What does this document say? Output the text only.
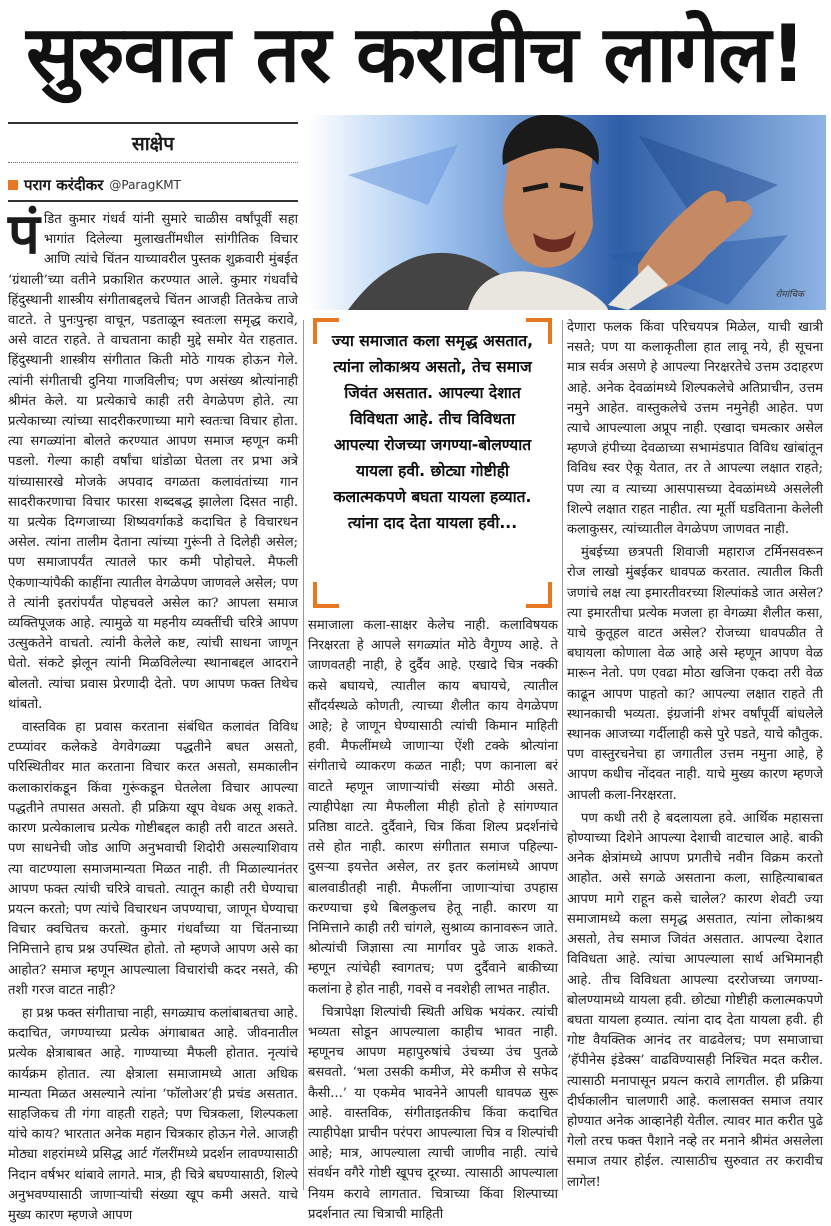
सुरुवात तर करावीच लागेल!
साक्षेप
पराग करंदीकर @ParagKMT
रोमांचिक

पंडित कुमार गंधर्व यांनी सुमारे चाळीस वर्षांपूर्वी सहा भागांत दिलेल्या मुलाखतींमधील सांगीतिक विचार आणि त्यांचे चिंतन याच्यावरील पुस्तक शुक्रवारी मुंबईत ‘ग्रंथाली’च्या वतीने प्रकाशित करण्यात आले. कुमार गंधर्वांचे हिंदुस्थानी शास्त्रीय संगीताबद्दलचे चिंतन आजही तितकेच ताजे वाटते. ते पुनःपुन्हा वाचून, पडताळून स्वतःला समृद्ध करावे, असे वाटत राहते. ते वाचताना काही मुद्दे समोर येत राहतात. हिंदुस्थानी शास्त्रीय संगीतात किती मोठे गायक होऊन गेले. त्यांनी संगीताची दुनिया गाजविलीच; पण असंख्य श्रोत्यांनाही श्रीमंत केले. या प्रत्येकाचे काही तरी वेगळेपण होते. त्या प्रत्येकाच्या त्यांच्या सादरीकरणाच्या मागे स्वतःचा विचार होता. त्या सगळ्यांना बोलते करण्यात आपण समाज म्हणून कमी पडलो. गेल्या काही वर्षांचा धांडोळा घेतला तर प्रभा अत्रे यांच्यासारखे मोजके अपवाद वगळता कलावंतांच्या गान सादरीकरणाचा विचार फारसा शब्दबद्ध झालेला दिसत नाही. या प्रत्येक दिग्गजाच्या शिष्यवर्गाकडे कदाचित हे विचारधन असेल. त्यांना तालीम देताना त्यांच्या गुरूंनी ते दिलेही असेल; पण समाजापर्यंत त्यातले फार कमी पोहोचले. मैफली ऐकणाऱ्यांपैकी काहींना त्यातील वेगळेपण जाणवले असेल; पण ते त्यांनी इतरांपर्यंत पोहचवले असेल का? आपला समाज व्यक्तिपूजक आहे. त्यामुळे या महनीय व्यक्तींची चरित्रे आपण उत्सुकतेने वाचतो. त्यांनी केलेले कष्ट, त्यांची साधना जाणून घेतो. संकटे झेलून त्यांनी मिळविलेल्या स्थानाबद्दल आदराने बोलतो. त्यांचा प्रवास प्रेरणादी देतो. पण आपण फक्त तिथेच थांबतो.

वास्तविक हा प्रवास करताना संबंधित कलावंत विविध टप्प्यांवर कलेकडे वेगवेगळ्या पद्धतीने बघत असतो, परिस्थितीवर मात करताना विचार करत असतो, समकालीन कलाकारांकडून किंवा गुरूंकडून घेतलेला विचार आपल्या पद्धतीने तपासत असतो. ही प्रक्रिया खूप वेधक असू शकते. कारण प्रत्येकालाच प्रत्येक गोष्टीबद्दल काही तरी वाटत असते. पण साधनेची जोड आणि अनुभवाची शिदोरी असल्याशिवाय त्या वाटण्याला समाजमान्यता मिळत नाही. ती मिळाल्यानंतर आपण फक्त त्यांची चरित्रे वाचतो. त्यातून काही तरी घेण्याचा प्रयत्न करतो; पण त्यांचे विचारधन जपण्याचा, जाणून घेण्याचा विचार क्वचितच करतो. कुमार गंधर्वांच्या या चिंतनाच्या निमित्ताने हाच प्रश्न उपस्थित होतो. तो म्हणजे आपण असे का आहोत? समाज म्हणून आपल्याला विचारांची कदर नसते, की तशी गरज वाटत नाही?

हा प्रश्न फक्त संगीताचा नाही, सगळ्याच कलांबाबतचा आहे. कदाचित, जगण्याच्या प्रत्येक अंगाबाबत आहे. जीवनातील प्रत्येक क्षेत्राबाबत आहे. गाण्याच्या मैफली होतात. नृत्यांचे कार्यक्रम होतात. त्या क्षेत्राला समाजामध्ये आता अधिक मान्यता मिळत असल्याने त्यांना ‘फॉलोअर’ही प्रचंड असतात. साहजिकच ती गंगा वाहती राहते; पण चित्रकला, शिल्पकला यांचे काय? भारतात अनेक महान चित्रकार होऊन गेले. आजही मोठ्या शहरांमध्ये प्रसिद्ध आर्ट गॅलरींमध्ये प्रदर्शन लावण्यासाठी निदान वर्षभर थांबावे लागते. मात्र, ही चित्रे बघण्यासाठी, शिल्पे अनुभवण्यासाठी जाणाऱ्यांची संख्या खूप कमी असते. याचे मुख्य कारण म्हणजे आपण

ज्या समाजात कला समृद्ध असतात, त्यांना लोकाश्रय असतो, तेच समाज जिवंत असतात. आपल्या देशात विविधता आहे. तीच विविधता आपल्या रोजच्या जगण्या-बोलण्यात यायला हवी. छोट्या गोष्टीही कलात्मकपणे बघता यायला हव्यात. त्यांना दाद देता यायला हवी...

समाजाला कला-साक्षर केलेच नाही. कलाविषयक निरक्षरता हे आपले सगळ्यांत मोठे वैगुण्य आहे. ते जाणवतही नाही, हे दुर्दैव आहे. एखादे चित्र नक्की कसे बघायचे, त्यातील काय बघायचे, त्यातील सौंदर्यस्थळे कोणती, त्याच्या शैलीत काय वेगळेपण आहे; हे जाणून घेण्यासाठी त्यांची किमान माहिती हवी. मैफलींमध्ये जाणाऱ्या ऐंशी टक्के श्रोत्यांना संगीताचे व्याकरण कळत नाही; पण कानाला बरं वाटते म्हणून जाणाऱ्यांची संख्या मोठी असते. त्याहीपेक्षा त्या मैफलीला मीही होतो हे सांगण्यात प्रतिष्ठा वाटते. दुर्दैवाने, चित्र किंवा शिल्प प्रदर्शनांचे तसे होत नाही. कारण संगीतात समाज पहिल्या-दुसऱ्या इयत्तेत असेल, तर इतर कलांमध्ये आपण बालवाडीतही नाही. मैफलींना जाणाऱ्यांचा उपहास करण्याचा इथे बिलकुलच हेतू नाही. कारण या निमित्ताने काही तरी चांगले, सुश्राव्य कानावरून जाते. श्रोत्यांची जिज्ञासा त्या मार्गावर पुढे जाऊ शकते. म्हणून त्यांचेही स्वागतच; पण दुर्दैवाने बाकीच्या कलांना हे होत नाही, गवसे व नवशेही लाभत नाहीत.

चित्रापेक्षा शिल्पांची स्थिती अधिक भयंकर. त्यांची भव्यता सोडून आपल्याला काहीच भावत नाही. म्हणूनच आपण महापुरुषांचे उंचच्या उंच पुतळे बसवतो. ‘भला उसकी कमीज, मेरे कमीज से सफेद कैसी...’ या एकमेव भावनेने आपली धावपळ सुरू आहे. वास्तविक, संगीताइतकीच किंवा कदाचित त्याहीपेक्षा प्राचीन परंपरा आपल्याला चित्र व शिल्पांची आहे; मात्र, आपल्याला त्याची जाणीव नाही. त्यांचे संवर्धन वगैरे गोष्टी खूपच दूरच्या. त्यासाठी आपल्याला नियम करावे लागतात. चित्राच्या किंवा शिल्पाच्या प्रदर्शनात त्या चित्राची माहिती

देणारा फलक किंवा परिचयपत्र मिळेल, याची खात्री नसते; पण या कलाकृतीला हात लावू नये, ही सूचना मात्र सर्वत्र असणे हे आपल्या निरक्षरतेचे उत्तम उदाहरण आहे. अनेक देवळांमध्ये शिल्पकलेचे अतिप्राचीन, उत्तम नमुने आहेत. वास्तुकलेचे उत्तम नमुनेही आहेत. पण त्याचे आपल्याला अप्रूप नाही. एखादा चमत्कार असेल म्हणजे हंपीच्या देवळाच्या सभामंडपात विविध खांबांतून विविध स्वर ऐकू येतात, तर ते आपल्या लक्षात राहते; पण त्या व त्याच्या आसपासच्या देवळांमध्ये असलेली शिल्पे लक्षात राहत नाहीत. त्या मूर्ती घडविताना केलेली कलाकुसर, त्यांच्यातील वेगळेपण जाणवत नाही.

मुंबईच्या छत्रपती शिवाजी महाराज टर्मिनसवरून रोज लाखो मुंबईकर धावपळ करतात. त्यातील किती जणांचे लक्ष त्या इमारतीवरच्या शिल्पांकडे जात असेल? त्या इमारतीचा प्रत्येक मजला हा वेगळ्या शैलीत कसा, याचे कुतूहल वाटत असेल? रोजच्या धावपळीत ते बघायला कोणाला वेळ आहे असे म्हणून आपण वेळ मारून नेतो. पण एवढा मोठा खजिना एकदा तरी वेळ काढून आपण पाहतो का? आपल्या लक्षात राहते ती स्थानकाची भव्यता. इंग्रजांनी शंभर वर्षांपूर्वी बांधलेले स्थानक आजच्या गर्दीलाही कसे पुरे पडते, याचे कौतुक. पण वास्तुरचनेचा हा जगातील उत्तम नमुना आहे, हे आपण कधीच नोंदवत नाही. याचे मुख्य कारण म्हणजे आपली कला-निरक्षरता.

पण कधी तरी हे बदलायला हवे. आर्थिक महासत्ता होण्याच्या दिशेने आपल्या देशाची वाटचाल आहे. बाकी अनेक क्षेत्रांमध्ये आपण प्रगतीचे नवीन विक्रम करतो आहोत. असे सगळे असताना कला, साहित्याबाबत आपण मागे राहून कसे चालेल? कारण शेवटी ज्या समाजामध्ये कला समृद्ध असतात, त्यांना लोकाश्रय असतो, तेच समाज जिवंत असतात. आपल्या देशात विविधता आहे. त्यांचा आपल्याला सार्थ अभिमानही आहे. तीच विविधता आपल्या दररोजच्या जगण्या-बोलण्यामध्ये यायला हवी. छोट्या गोष्टीही कलात्मकपणे बघता यायला हव्यात. त्यांना दाद देता यायला हवी. ही गोष्ट वैयक्तिक आनंद तर वाढवेलच; पण समाजाचा ‘हॅपीनेस इंडेक्स’ वाढविण्यासही निश्चित मदत करील. त्यासाठी मनापासून प्रयत्न करावे लागतील. ही प्रक्रिया दीर्घकालीन चालणारी आहे. कलासक्त समाज तयार होण्यात अनेक आव्हानेही येतील. त्यावर मात करीत पुढे गेलो तरच फक्त पैशाने नव्हे तर मनाने श्रीमंत असलेला समाज तयार होईल. त्यासाठीच सुरुवात तर करावीच लागेल!
